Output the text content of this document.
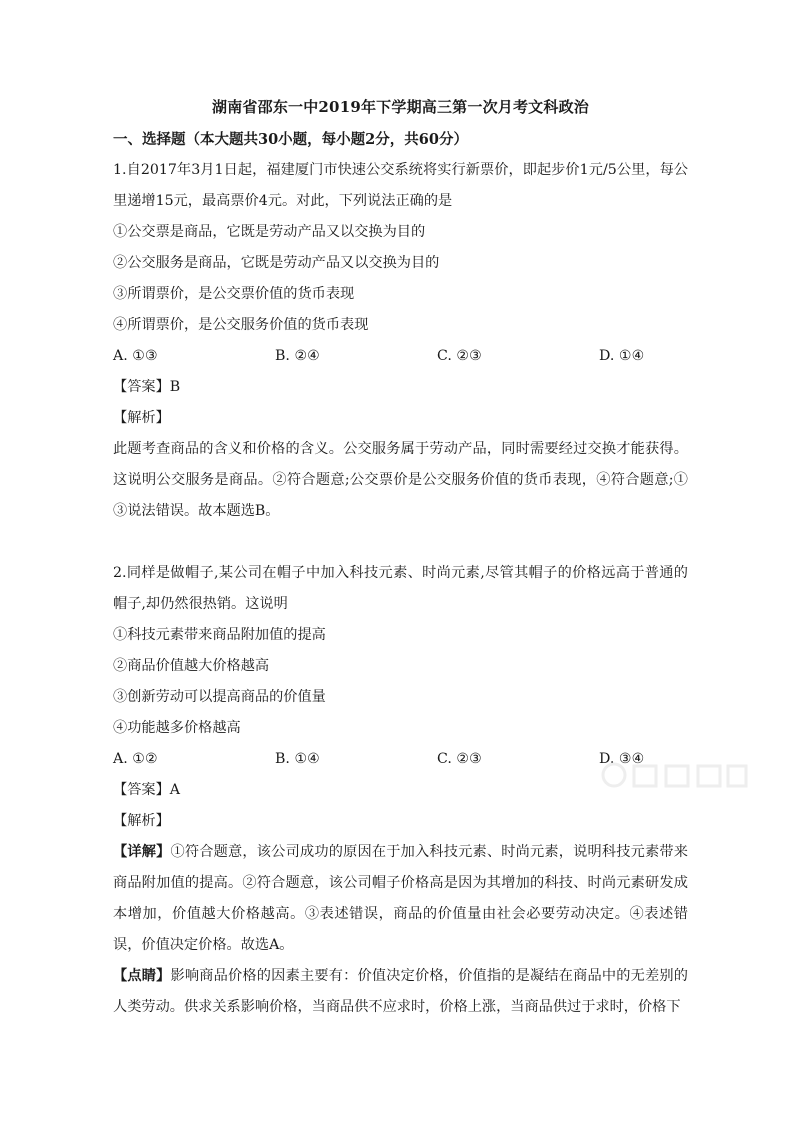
湖南省邵东一中2019年下学期高三第一次月考文科政治

一、选择题（本大题共30小题，每小题2分，共60分）

1.自2017年3月1日起，福建厦门市快速公交系统将实行新票价，即起步价1元/5公里，每公里递增15元，最高票价4元。对此，下列说法正确的是

①公交票是商品，它既是劳动产品又以交换为目的

②公交服务是商品，它既是劳动产品又以交换为目的

③所谓票价，是公交票价值的货币表现

④所谓票价，是公交服务价值的货币表现

A. ①③	B. ②④	C. ②③	D. ①④

【答案】B

【解析】

此题考查商品的含义和价格的含义。公交服务属于劳动产品，同时需要经过交换才能获得。这说明公交服务是商品。②符合题意;公交票价是公交服务价值的货币表现，④符合题意;①③说法错误。故本题选B。

2.同样是做帽子,某公司在帽子中加入科技元素、时尚元素,尽管其帽子的价格远高于普通的帽子,却仍然很热销。这说明

①科技元素带来商品附加值的提高

②商品价值越大价格越高

③创新劳动可以提高商品的价值量

④功能越多价格越高

A. ①②	B. ①④	C. ②③	D. ③④

【答案】A

【解析】

【详解】①符合题意，该公司成功的原因在于加入科技元素、时尚元素，说明科技元素带来商品附加值的提高。②符合题意，该公司帽子价格高是因为其增加的科技、时尚元素研发成本增加，价值越大价格越高。③表述错误，商品的价值量由社会必要劳动决定。④表述错误，价值决定价格。故选A。

【点睛】影响商品价格的因素主要有：价值决定价格，价值指的是凝结在商品中的无差别的人类劳动。供求关系影响价格，当商品供不应求时，价格上涨，当商品供过于求时，价格下
